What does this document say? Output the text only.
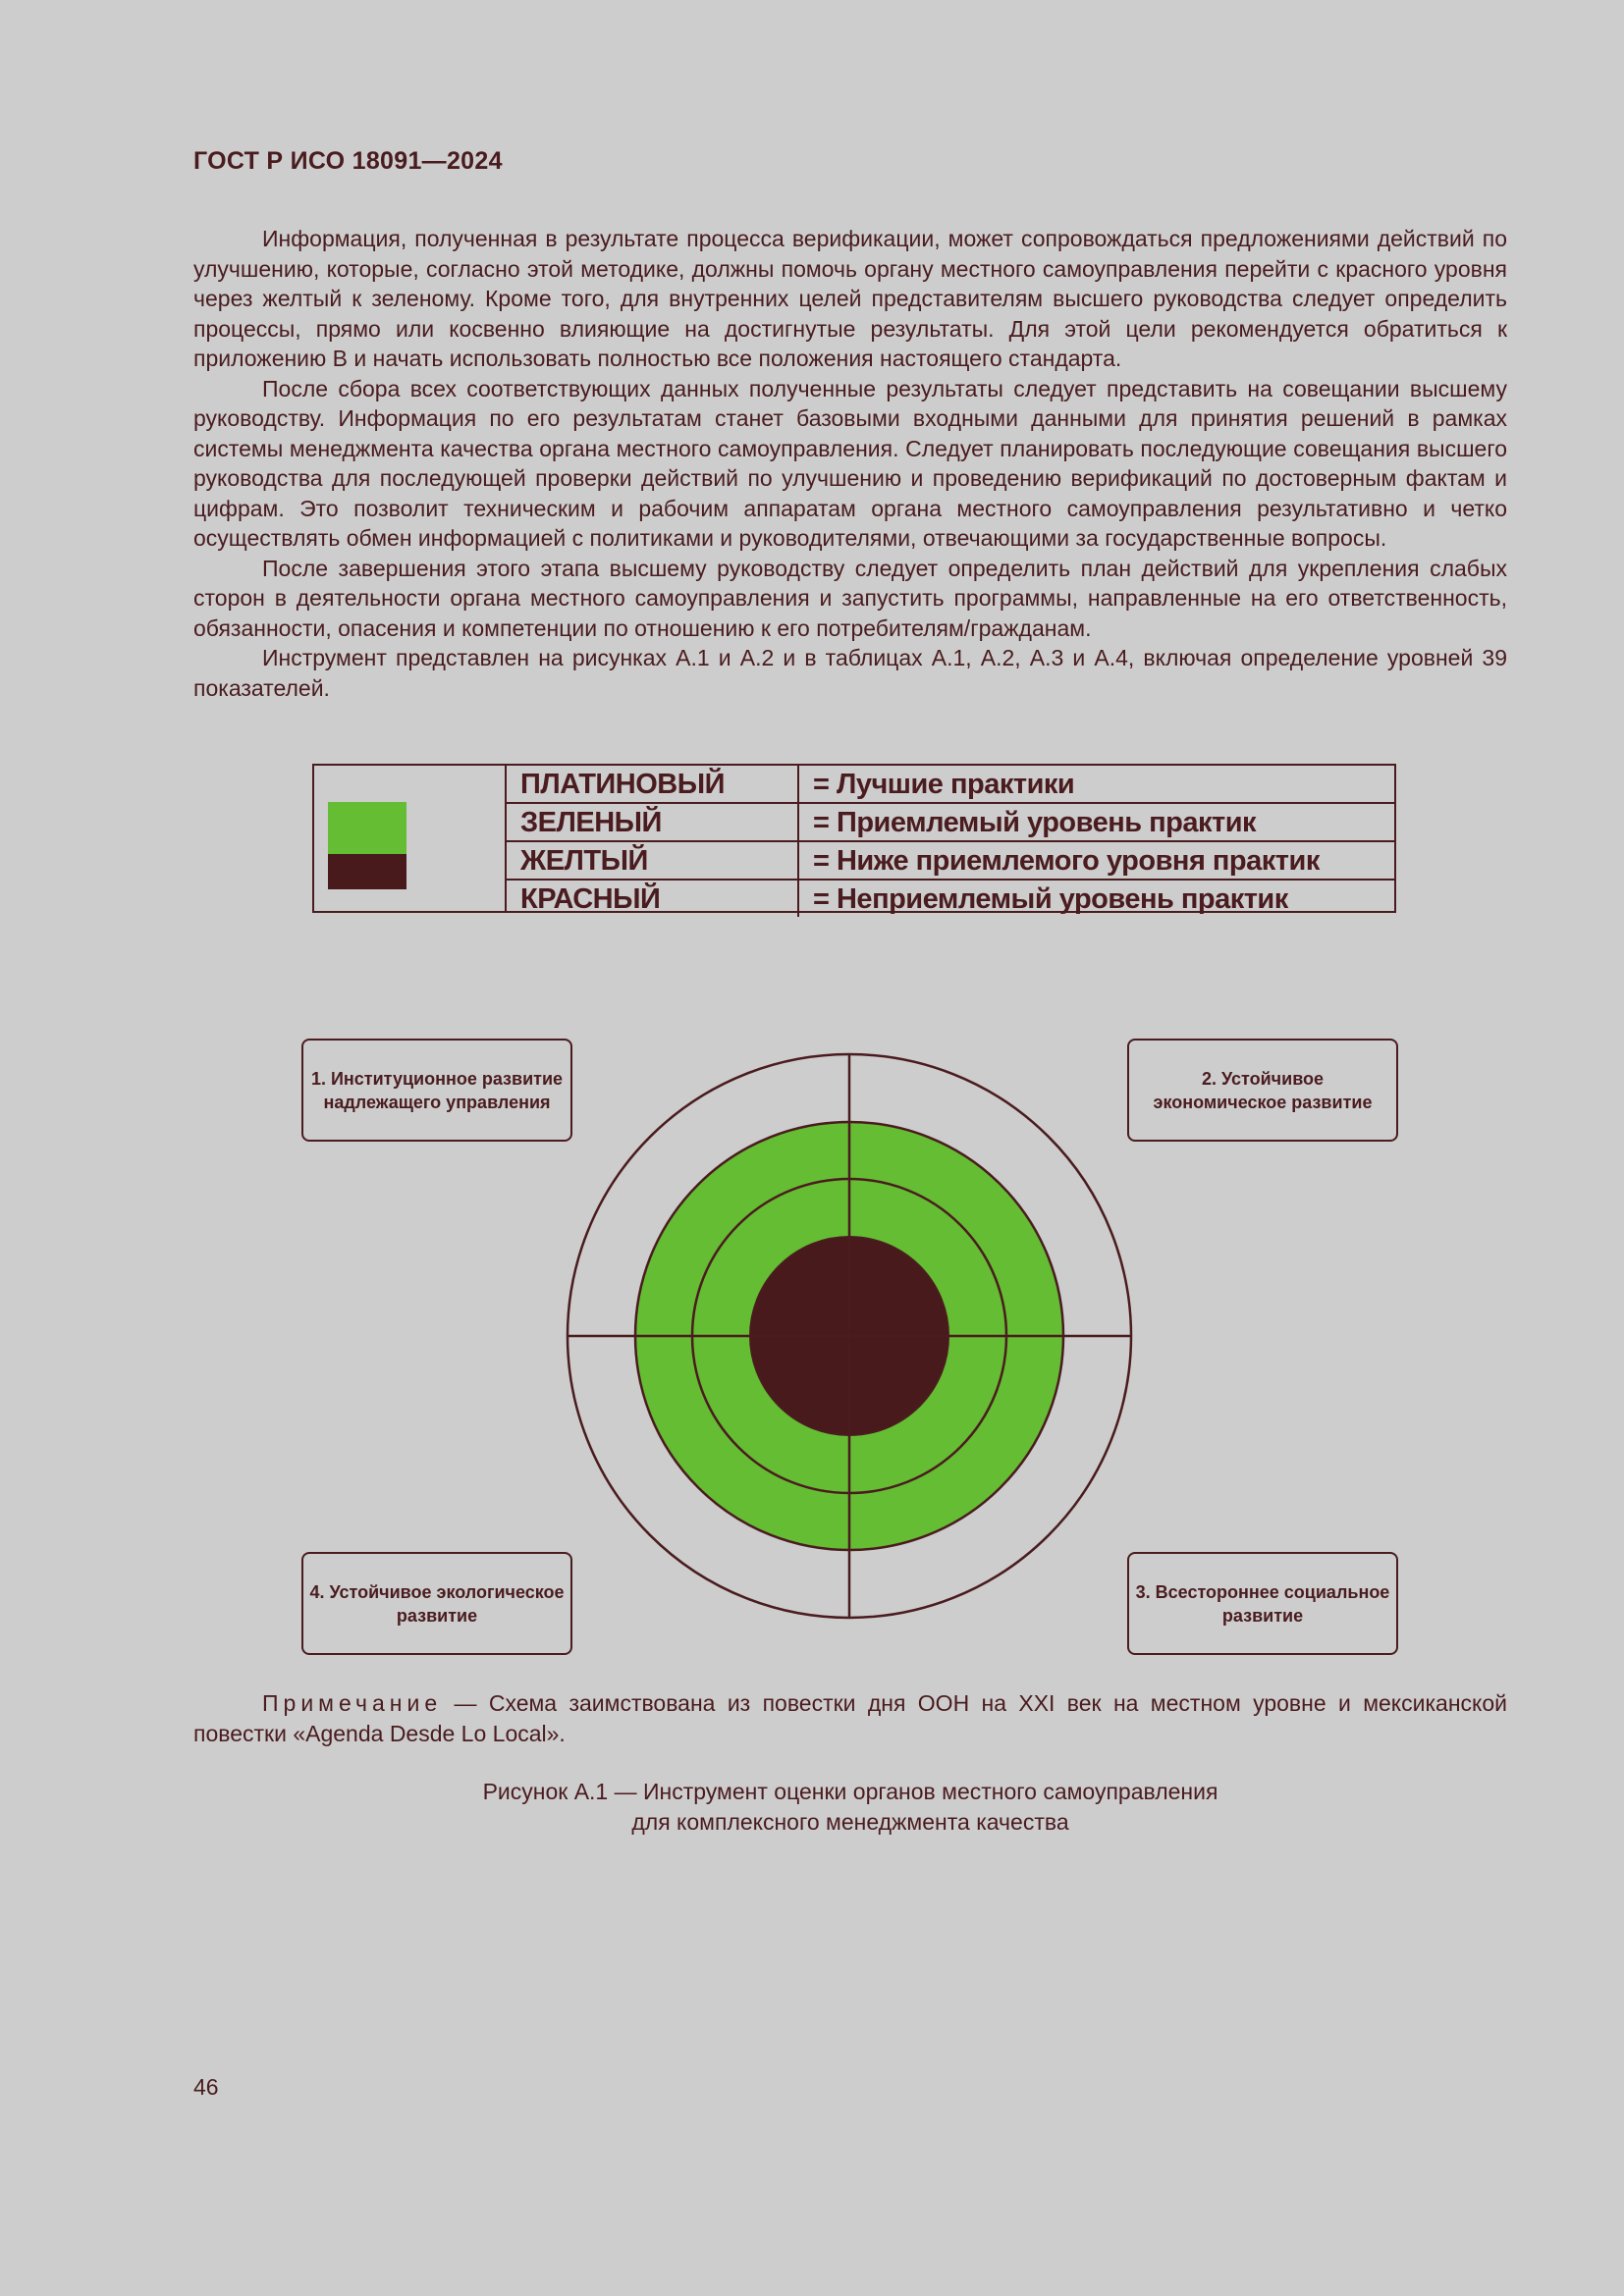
ГОСТ Р ИСО 18091—2024

Информация, полученная в результате процесса верификации, может сопровождаться предложениями действий по улучшению, которые, согласно этой методике, должны помочь органу местного самоуправления перейти с красного уровня через желтый к зеленому. Кроме того, для внутренних целей представителям высшего руководства следует определить процессы, прямо или косвенно влияющие на достигнутые результаты. Для этой цели рекомендуется обратиться к приложению В и начать использовать полностью все положения настоящего стандарта.

После сбора всех соответствующих данных полученные результаты следует представить на совещании высшему руководству. Информация по его результатам станет базовыми входными данными для принятия решений в рамках системы менеджмента качества органа местного самоуправления. Следует планировать последующие совещания высшего руководства для последующей проверки действий по улучшению и проведению верификаций по достоверным фактам и цифрам. Это позволит техническим и рабочим аппаратам органа местного самоуправления результативно и четко осуществлять обмен информацией с политиками и руководителями, отвечающими за государственные вопросы.

После завершения этого этапа высшему руководству следует определить план действий для укрепления слабых сторон в деятельности органа местного самоуправления и запустить программы, направленные на его ответственность, обязанности, опасения и компетенции по отношению к его потребителям/гражданам.

Инструмент представлен на рисунках А.1 и А.2 и в таблицах А.1, А.2, А.3 и А.4, включая определение уровней 39 показателей.

ПЛАТИНОВЫЙ	= Лучшие практики
ЗЕЛЕНЫЙ	= Приемлемый уровень практик
ЖЕЛТЫЙ	= Ниже приемлемого уровня практик
КРАСНЫЙ	= Неприемлемый уровень практик
1. Институционное развитие надлежащего управления
2. Устойчивое экономическое развитие
3. Всестороннее социальное развитие
4. Устойчивое экологическое развитие

Примечание — Схема заимствована из повестки дня ООН на XXI век на местном уровне и мексиканской повестки «Agenda Desde Lo Local».

Рисунок А.1 — Инструмент оценки органов местного самоуправления
для комплексного менеджмента качества
46
